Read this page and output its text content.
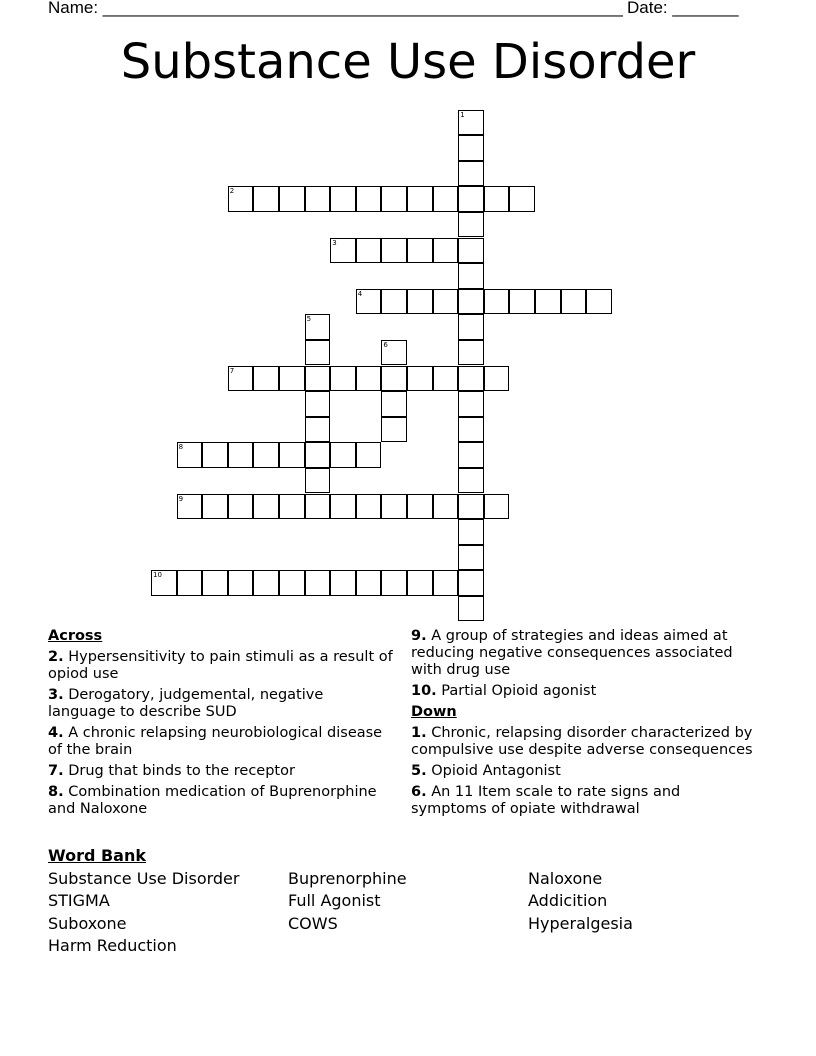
Name: _______________________________________________________ Date: _______
Substance Use Disorder
1
2
3
4
5
6
7
8
9
10
Across
2. Hypersensitivity to pain stimuli as a result of opiod use
3. Derogatory, judgemental, negative language to describe SUD
4. A chronic relapsing neurobiological disease of the brain
7. Drug that binds to the receptor
8. Combination medication of Buprenorphine and Naloxone
9. A group of strategies and ideas aimed at reducing negative consequences associated with drug use
10. Partial Opioid agonist
Down
1. Chronic, relapsing disorder characterized by compulsive use despite adverse consequences
5. Opioid Antagonist
6. An 11 Item scale to rate signs and symptoms of opiate withdrawal
Word Bank
Substance Use Disorder	Buprenorphine	Naloxone
STIGMA	Full Agonist	Addicition
Suboxone	COWS	Hyperalgesia
Harm Reduction
